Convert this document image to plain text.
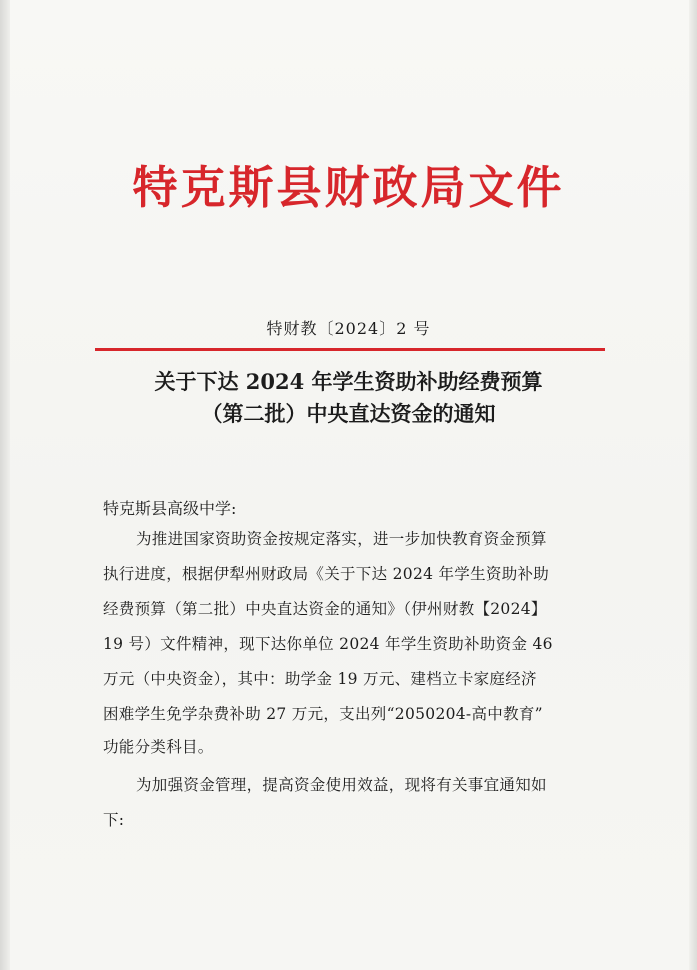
特克斯县财政局文件
特财教〔2024〕2 号
关于下达 2024 年学生资助补助经费预算
（第二批）中央直达资金的通知
特克斯县高级中学:
为推进国家资助资金按规定落实，进一步加快教育资金预算
执行进度，根据伊犁州财政局《关于下达 2024 年学生资助补助
经费预算（第二批）中央直达资金的通知》（伊州财教【2024】
19 号）文件精神，现下达你单位 2024 年学生资助补助资金 46
万元（中央资金），其中：助学金 19 万元、建档立卡家庭经济
困难学生免学杂费补助 27 万元，支出列“2050204-高中教育”
功能分类科目。
为加强资金管理，提高资金使用效益，现将有关事宜通知如
下:
